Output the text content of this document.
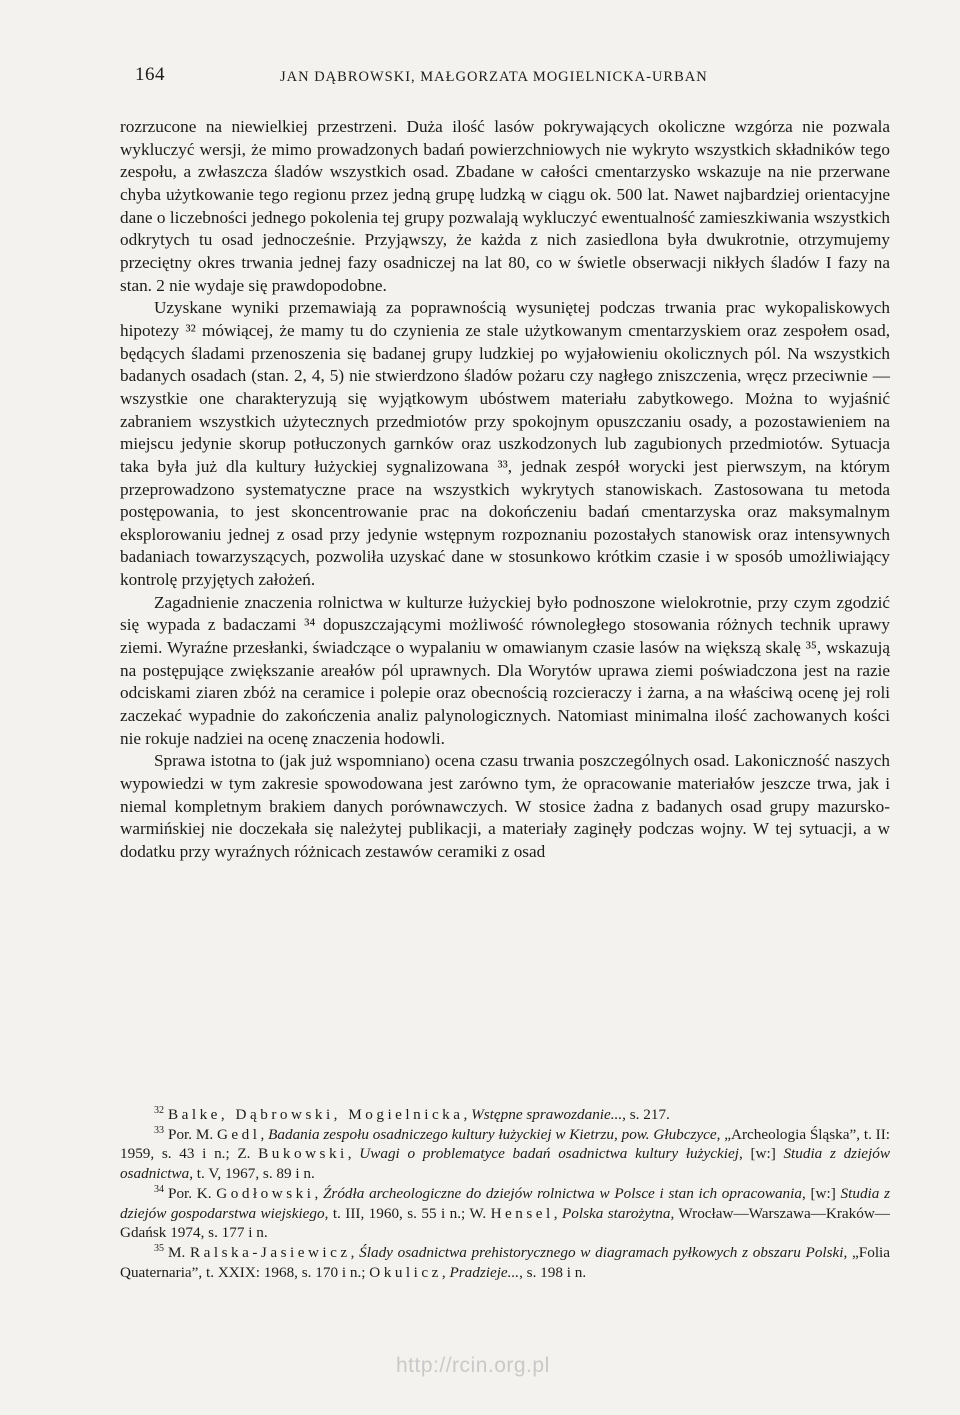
164	JAN DĄBROWSKI, MAŁGORZATA MOGIELNICKA-URBAN

rozrzucone na niewielkiej przestrzeni. Duża ilość lasów pokrywających okoliczne wzgórza nie pozwala wykluczyć wersji, że mimo prowadzonych badań powierzchniowych nie wykryto wszystkich składników tego zespołu, a zwłaszcza śladów wszystkich osad. Zbadane w całości cmentarzysko wskazuje na nie przerwane chyba użytkowanie tego regionu przez jedną grupę ludzką w ciągu ok. 500 lat. Nawet najbardziej orientacyjne dane o liczebności jednego pokolenia tej grupy pozwalają wykluczyć ewentualność zamieszkiwania wszystkich odkrytych tu osad jednocześnie. Przyjąwszy, że każda z nich zasiedlona była dwukrotnie, otrzymujemy przeciętny okres trwania jednej fazy osadniczej na lat 80, co w świetle obserwacji nikłych śladów I fazy na stan. 2 nie wydaje się prawdopodobne.

Uzyskane wyniki przemawiają za poprawnością wysuniętej podczas trwania prac wykopaliskowych hipotezy ³² mówiącej, że mamy tu do czynienia ze stale użytkowanym cmentarzyskiem oraz zespołem osad, będących śladami przenoszenia się badanej grupy ludzkiej po wyjałowieniu okolicznych pól. Na wszystkich badanych osadach (stan. 2, 4, 5) nie stwierdzono śladów pożaru czy nagłego zniszczenia, wręcz przeciwnie — wszystkie one charakteryzują się wyjątkowym ubóstwem materiału zabytkowego. Można to wyjaśnić zabraniem wszystkich użytecznych przedmiotów przy spokojnym opuszczaniu osady, a pozostawieniem na miejscu jedynie skorup potłuczonych garnków oraz uszkodzonych lub zagubionych przedmiotów. Sytuacja taka była już dla kultury łużyckiej sygnalizowana ³³, jednak zespół worycki jest pierwszym, na którym przeprowadzono systematyczne prace na wszystkich wykrytych stanowiskach. Zastosowana tu metoda postępowania, to jest skoncentrowanie prac na dokończeniu badań cmentarzyska oraz maksymalnym eksplorowaniu jednej z osad przy jedynie wstępnym rozpoznaniu pozostałych stanowisk oraz intensywnych badaniach towarzyszących, pozwoliła uzyskać dane w stosunkowo krótkim czasie i w sposób umożliwiający kontrolę przyjętych założeń.

Zagadnienie znaczenia rolnictwa w kulturze łużyckiej było podnoszone wielokrotnie, przy czym zgodzić się wypada z badaczami ³⁴ dopuszczającymi możliwość równoległego stosowania różnych technik uprawy ziemi. Wyraźne przesłanki, świadczące o wypalaniu w omawianym czasie lasów na większą skalę ³⁵, wskazują na postępujące zwiększanie areałów pól uprawnych. Dla Worytów uprawa ziemi poświadczona jest na razie odciskami ziaren zbóż na ceramice i polepie oraz obecnością rozcieraczy i żarna, a na właściwą ocenę jej roli zaczekać wypadnie do zakończenia analiz palynologicznych. Natomiast minimalna ilość zachowanych kości nie rokuje nadziei na ocenę znaczenia hodowli.

Sprawa istotna to (jak już wspomniano) ocena czasu trwania poszczególnych osad. Lakoniczność naszych wypowiedzi w tym zakresie spowodowana jest zarówno tym, że opracowanie materiałów jeszcze trwa, jak i niemal kompletnym brakiem danych porównawczych. W stosice żadna z badanych osad grupy mazursko-warmińskiej nie doczekała się należytej publikacji, a materiały zaginęły podczas wojny. W tej sytuacji, a w dodatku przy wyraźnych różnicach zestawów ceramiki z osad

$^{32}$ Balke, Dąbrowski, Mogielnicka, Wstępne sprawozdanie..., s. 217.

$^{33}$ Por. M. Gedl, Badania zespołu osadniczego kultury łużyckiej w Kietrzu, pow. Głubczyce, „Archeologia Śląska”, t. II: 1959, s. 43 i n.; Z. Bukowski, Uwagi o problematyce badań osadnictwa kultury łużyckiej, [w:] Studia z dziejów osadnictwa, t. V, 1967, s. 89 i n.

$^{34}$ Por. K. Godłowski, Źródła archeologiczne do dziejów rolnictwa w Polsce i stan ich opracowania, [w:] Studia z dziejów gospodarstwa wiejskiego, t. III, 1960, s. 55 i n.; W. Hensel, Polska starożytna, Wrocław—Warszawa—Kraków—Gdańsk 1974, s. 177 i n.

$^{35}$ M. Ralska-Jasiewicz, Ślady osadnictwa prehistorycznego w diagramach pyłkowych z obszaru Polski, „Folia Quaternaria”, t. XXIX: 1968, s. 170 i n.; Okulicz, Pradzieje..., s. 198 i n.

http://rcin.org.pl
